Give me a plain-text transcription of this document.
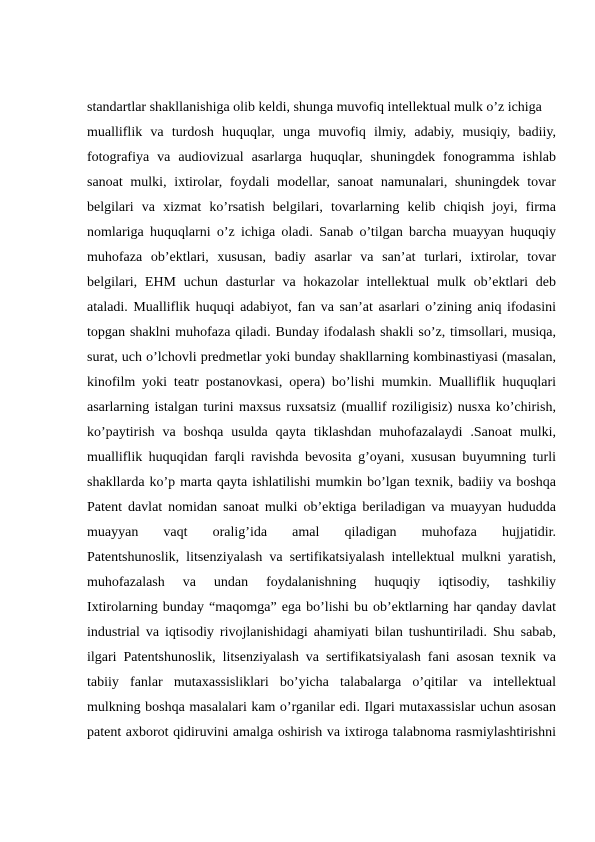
standartlar shakllanishiga olib keldi, shunga muvofiq intellektual mulk o’z ichiga
mualliflik va turdosh huquqlar, unga muvofiq ilmiy, adabiy, musiqiy, badiiy,
fotografiya va audiovizual asarlarga huquqlar, shuningdek fonogramma ishlab
sanoat mulki, ixtirolar, foydali modellar, sanoat namunalari, shuningdek tovar
belgilari va xizmat ko’rsatish belgilari, tovarlarning kelib chiqish joyi, firma
nomlariga huquqlarni o’z ichiga oladi. Sanab o’tilgan barcha muayyan huquqiy
muhofaza ob’ektlari, xususan, badiy asarlar va san’at turlari, ixtirolar, tovar
belgilari, EHM uchun dasturlar va hokazolar intellektual mulk ob’ektlari deb
ataladi. Mualliflik huquqi adabiyot, fan va san’at asarlari o’zining aniq ifodasini
topgan shaklni muhofaza qiladi. Bunday ifodalash shakli so’z, timsollari, musiqa,
surat, uch o’lchovli predmetlar yoki bunday shakllarning kombinastiyasi (masalan,
kinofilm yoki teatr postanovkasi, opera) bo’lishi mumkin. Mualliflik huquqlari
asarlarning istalgan turini maxsus ruxsatsiz (muallif roziligisiz) nusxa ko’chirish,
ko’paytirish va boshqa usulda qayta tiklashdan muhofazalaydi .Sanoat mulki,
mualliflik huquqidan farqli ravishda bevosita g’oyani, xususan buyumning turli
shakllarda ko’p marta qayta ishlatilishi mumkin bo’lgan texnik, badiiy va boshqa
Patent davlat nomidan sanoat mulki ob’ektiga beriladigan va muayyan hududda
muayyan vaqt oralig’ida amal qiladigan muhofaza hujjatidir.
Patentshunoslik, litsenziyalash va sertifikatsiyalash intellektual mulkni yaratish,
muhofazalash va undan foydalanishning huquqiy iqtisodiy, tashkiliy
Ixtirolarning bunday “maqomga” ega bo’lishi bu ob’ektlarning har qanday davlat
industrial va iqtisodiy rivojlanishidagi ahamiyati bilan tushuntiriladi. Shu sabab,
ilgari Patentshunoslik, litsenziyalash va sertifikatsiyalash fani asosan texnik va
tabiiy fanlar mutaxassisliklari bo’yicha talabalarga o’qitilar va intellektual
mulkning boshqa masalalari kam o’rganilar edi. Ilgari mutaxassislar uchun asosan
patent axborot qidiruvini amalga oshirish va ixtiroga talabnoma rasmiylashtirishni
